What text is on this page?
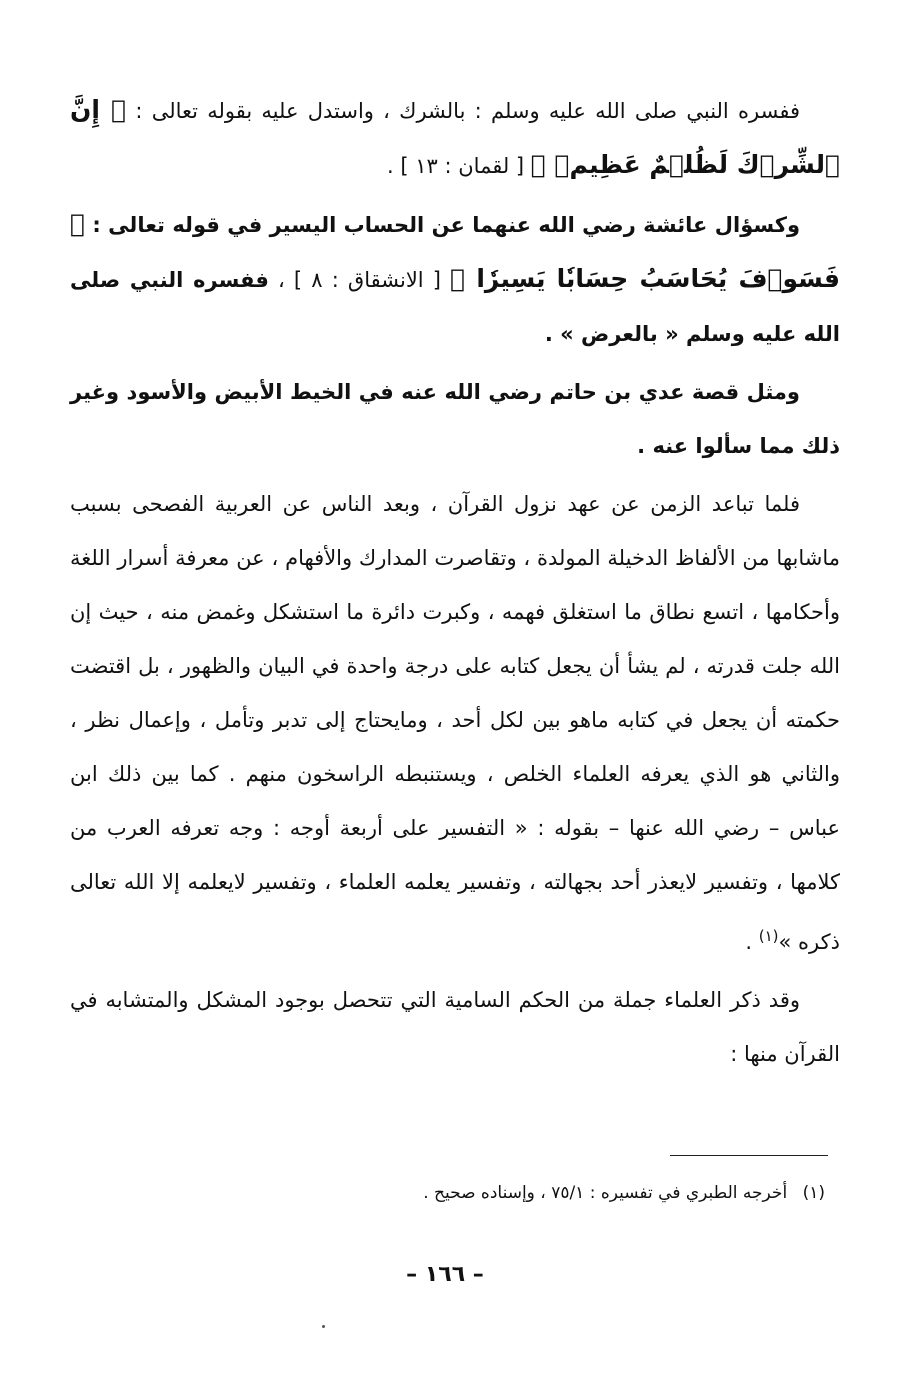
ففسره النبي صلى الله عليه وسلم : بالشرك ، واستدل عليه بقوله تعالى : ﴿ إِنَّ ٱلشِّرۡكَ لَظُلۡمٌ عَظِيمٞ ﴾ [ لقمان : ١٣ ] .

وكسؤال عائشة رضي الله عنهما عن الحساب اليسير في قوله تعالى : ﴿ فَسَوۡفَ يُحَاسَبُ حِسَابٗا يَسِيرٗا ﴾ [ الانشقاق : ٨ ] ، ففسره النبي صلى الله عليه وسلم « بالعرض » .

ومثل قصة عدي بن حاتم رضي الله عنه في الخيط الأبيض والأسود وغير ذلك مما سألوا عنه .

فلما تباعد الزمن عن عهد نزول القرآن ، وبعد الناس عن العربية الفصحى بسبب ماشابها من الألفاظ الدخيلة المولدة ، وتقاصرت المدارك والأفهام ، عن معرفة أسرار اللغة وأحكامها ، اتسع نطاق ما استغلق فهمه ، وكبرت دائرة ما استشكل وغمض منه ، حيث إن الله جلت قدرته ، لم يشأ أن يجعل كتابه على درجة واحدة في البيان والظهور ، بل اقتضت حكمته أن يجعل في كتابه ماهو بين لكل أحد ، ومايحتاج إلى تدبر وتأمل ، وإعمال نظر ، والثاني هو الذي يعرفه العلماء الخلص ، ويستنبطه الراسخون منهم . كما بين ذلك ابن عباس – رضي الله عنها – بقوله : « التفسير على أربعة أوجه : وجه تعرفه العرب من كلامها ، وتفسير لايعذر أحد بجهالته ، وتفسير يعلمه العلماء ، وتفسير لايعلمه إلا الله تعالى ذكره »$^{(١)}$ .

وقد ذكر العلماء جملة من الحكم السامية التي تتحصل بوجود المشكل والمتشابه في القرآن منها :

(١) أخرجه الطبري في تفسيره : ٧٥/١ ، وإسناده صحيح .
– ١٦٦ –
